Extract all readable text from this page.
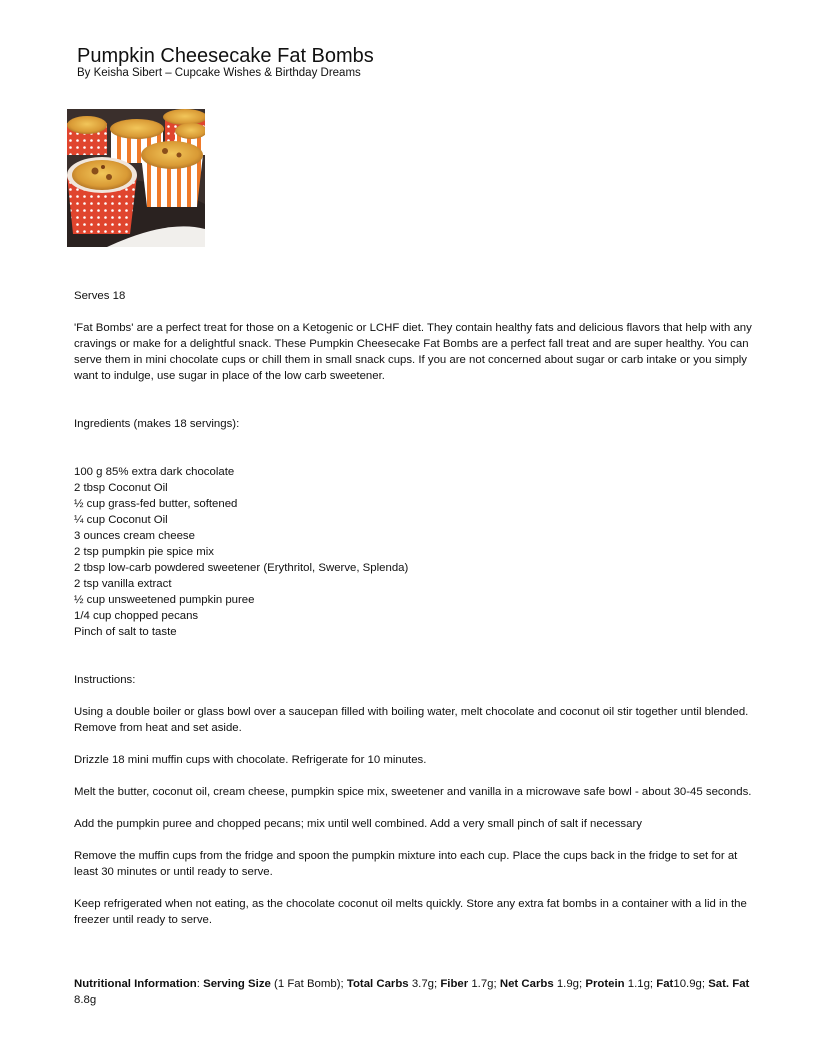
Pumpkin Cheesecake Fat Bombs
By Keisha Sibert – Cupcake Wishes & Birthday Dreams
Serves 18
'Fat Bombs' are a perfect treat for those on a Ketogenic or LCHF diet. They contain healthy fats and delicious flavors that help with any cravings or make for a delightful snack. These Pumpkin Cheesecake Fat Bombs are a perfect fall treat and are super healthy. You can serve them in mini chocolate cups or chill them in small snack cups. If you are not concerned about sugar or carb intake or you simply want to indulge, use sugar in place of the low carb sweetener.
Ingredients (makes 18 servings):
100 g 85% extra dark chocolate
2 tbsp Coconut Oil
½ cup grass-fed butter, softened
¼ cup Coconut Oil
3 ounces cream cheese
2 tsp pumpkin pie spice mix
2 tbsp low-carb powdered sweetener (Erythritol, Swerve, Splenda)
2 tsp vanilla extract
½ cup unsweetened pumpkin puree
1/4 cup chopped pecans
Pinch of salt to taste
Instructions:

Using a double boiler or glass bowl over a saucepan filled with boiling water, melt chocolate and coconut oil stir together until blended. Remove from heat and set aside.

Drizzle 18 mini muffin cups with chocolate. Refrigerate for 10 minutes.

Melt the butter, coconut oil, cream cheese, pumpkin spice mix, sweetener and vanilla in a microwave safe bowl - about 30-45 seconds.

Add the pumpkin puree and chopped pecans; mix until well combined. Add a very small pinch of salt if necessary

Remove the muffin cups from the fridge and spoon the pumpkin mixture into each cup. Place the cups back in the fridge to set for at least 30 minutes or until ready to serve.

Keep refrigerated when not eating, as the chocolate coconut oil melts quickly. Store any extra fat bombs in a container with a lid in the freezer until ready to serve.

Nutritional Information: Serving Size (1 Fat Bomb); Total Carbs 3.7g; Fiber 1.7g; Net Carbs 1.9g; Protein 1.1g; Fat10.9g; Sat. Fat 8.8g
